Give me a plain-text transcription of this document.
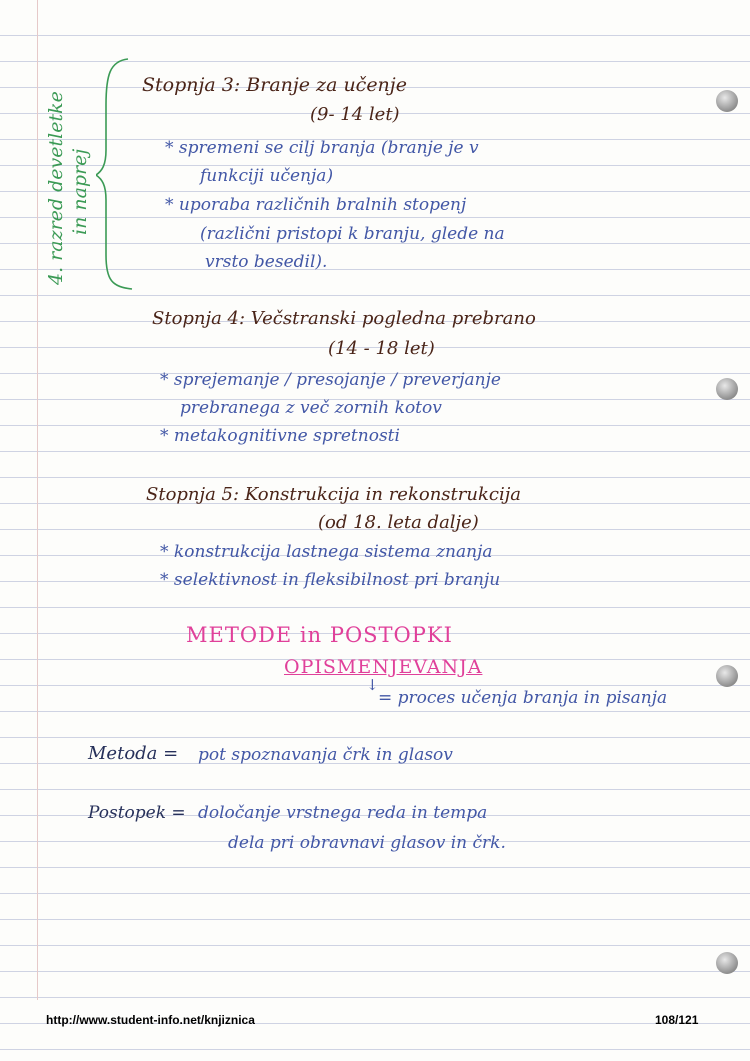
4. razred devetletke in naprej
Stopnja 3: Branje za učenje
(9- 14 let)
* spremeni se cilj branja (branje je v
funkciji učenja)
* uporaba različnih bralnih stopenj
(različni pristopi k branju, glede na
vrsto besedil).
Stopnja 4: Večstranski pogledna prebrano
(14 - 18 let)
* sprejemanje / presojanje / preverjanje
prebranega z več zornih kotov
* metakognitivne spretnosti
Stopnja 5: Konstrukcija in rekonstrukcija
(od 18. leta dalje)
* konstrukcija lastnega sistema znanja
* selektivnost in fleksibilnost pri branju
METODE in POSTOPKI
OPISMENJEVANJA
↓
= proces učenja branja in pisanja
Metoda = pot spoznavanja črk in glasov
Postopek = določanje vrstnega reda in tempa
dela pri obravnavi glasov in črk.
http://www.student-info.net/knjiznica	108/121
